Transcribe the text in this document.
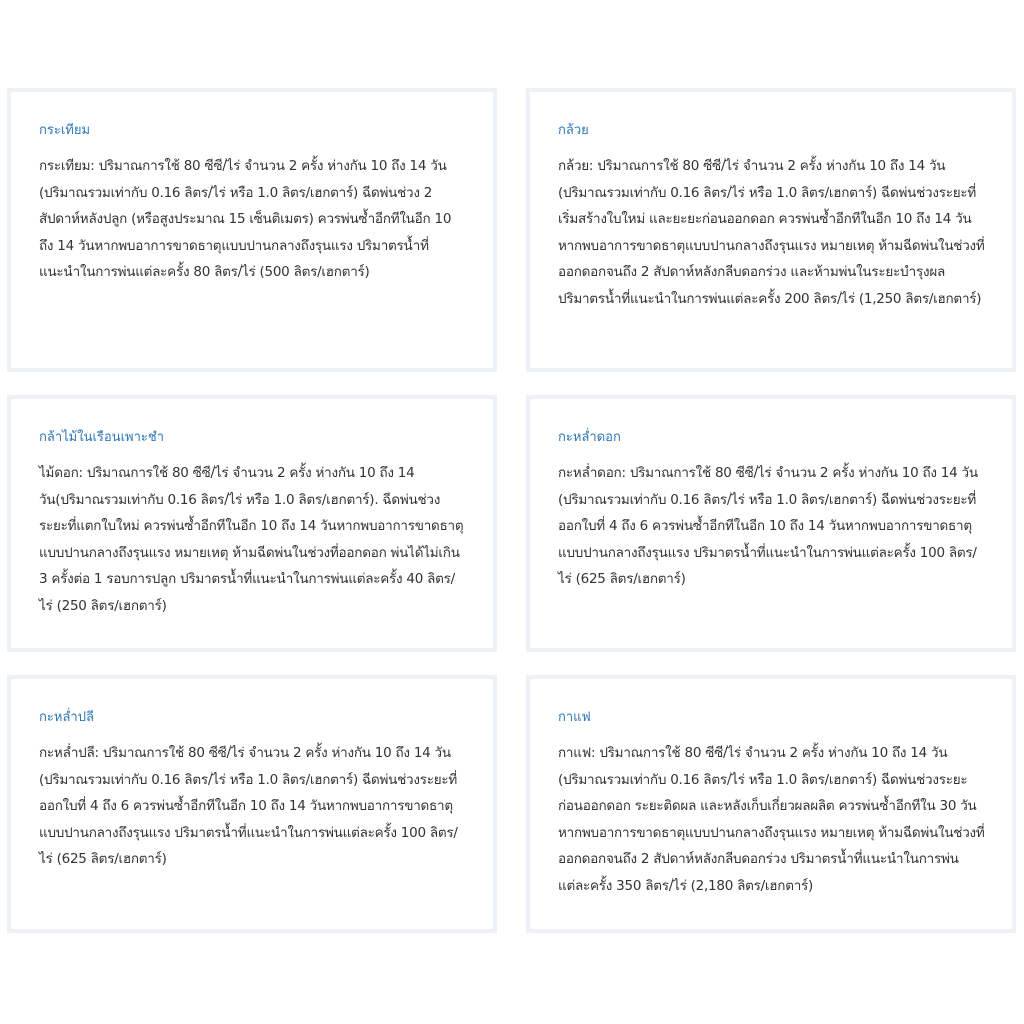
กระเทียม

กระเทียม: ปริมาณการใช้ 80 ซีซี/ไร่ จำนวน 2 ครั้ง ห่างกัน 10 ถึง 14 วัน (ปริมาณรวมเท่ากับ 0.16 ลิตร/ไร่ หรือ 1.0 ลิตร/เฮกตาร์) ฉีดพ่นช่วง 2 สัปดาห์หลังปลูก (หรือสูงประมาณ 15 เซ็นติเมตร) ควรพ่นซ้ำอีกทีในอีก 10 ถึง 14 วันหากพบอาการขาดธาตุแบบปานกลางถึงรุนแรง ปริมาตรน้ำที่แนะนำในการพ่นแต่ละครั้ง 80 ลิตร/ไร่ (500 ลิตร/เฮกตาร์)

กล้วย

กล้วย: ปริมาณการใช้ 80 ซีซี/ไร่ จำนวน 2 ครั้ง ห่างกัน 10 ถึง 14 วัน (ปริมาณรวมเท่ากับ 0.16 ลิตร/ไร่ หรือ 1.0 ลิตร/เฮกตาร์) ฉีดพ่นช่วงระยะที่เริ่มสร้างใบใหม่ และยะยะก่อนออกดอก ควรพ่นซ้ำอีกทีในอีก 10 ถึง 14 วันหากพบอาการขาดธาตุแบบปานกลางถึงรุนแรง หมายเหตุ ห้ามฉีดพ่นในช่วงที่ออกดอกจนถึง 2 สัปดาห์หลังกลีบดอกร่วง และห้ามพ่นในระยะบำรุงผล ปริมาตรน้ำที่แนะนำในการพ่นแต่ละครั้ง 200 ลิตร/ไร่ (1,250 ลิตร/เฮกตาร์)

กล้าไม้ในเรือนเพาะชำ

ไม้ดอก: ปริมาณการใช้ 80 ซีซี/ไร่ จำนวน 2 ครั้ง ห่างกัน 10 ถึง 14 วัน(ปริมาณรวมเท่ากับ 0.16 ลิตร/ไร่ หรือ 1.0 ลิตร/เฮกตาร์). ฉีดพ่นช่วงระยะที่แตกใบใหม่ ควรพ่นซ้ำอีกทีในอีก 10 ถึง 14 วันหากพบอาการขาดธาตุแบบปานกลางถึงรุนแรง หมายเหตุ ห้ามฉีดพ่นในช่วงที่ออกดอก พ่นได้ไม่เกิน 3 ครั้งต่อ 1 รอบการปลูก ปริมาตรน้ำที่แนะนำในการพ่นแต่ละครั้ง 40 ลิตร/ไร่ (250 ลิตร/เฮกตาร์)

กะหล่ำดอก

กะหล่ำดอก: ปริมาณการใช้ 80 ซีซี/ไร่ จำนวน 2 ครั้ง ห่างกัน 10 ถึง 14 วัน (ปริมาณรวมเท่ากับ 0.16 ลิตร/ไร่ หรือ 1.0 ลิตร/เฮกตาร์) ฉีดพ่นช่วงระยะที่ออกใบที่ 4 ถึง 6 ควรพ่นซ้ำอีกทีในอีก 10 ถึง 14 วันหากพบอาการขาดธาตุแบบปานกลางถึงรุนแรง ปริมาตรน้ำที่แนะนำในการพ่นแต่ละครั้ง 100 ลิตร/ไร่ (625 ลิตร/เฮกตาร์)

กะหล่ำปลี

กะหล่ำปลี: ปริมาณการใช้ 80 ซีซี/ไร่ จำนวน 2 ครั้ง ห่างกัน 10 ถึง 14 วัน (ปริมาณรวมเท่ากับ 0.16 ลิตร/ไร่ หรือ 1.0 ลิตร/เฮกตาร์) ฉีดพ่นช่วงระยะที่ออกใบที่ 4 ถึง 6 ควรพ่นซ้ำอีกทีในอีก 10 ถึง 14 วันหากพบอาการขาดธาตุแบบปานกลางถึงรุนแรง ปริมาตรน้ำที่แนะนำในการพ่นแต่ละครั้ง 100 ลิตร/ไร่ (625 ลิตร/เฮกตาร์)

กาแฟ

กาแฟ: ปริมาณการใช้ 80 ซีซี/ไร่ จำนวน 2 ครั้ง ห่างกัน 10 ถึง 14 วัน (ปริมาณรวมเท่ากับ 0.16 ลิตร/ไร่ หรือ 1.0 ลิตร/เฮกตาร์) ฉีดพ่นช่วงระยะก่อนออกดอก ระยะติดผล และหลังเก็บเกี่ยวผลผลิต ควรพ่นซ้ำอีกทีใน 30 วันหากพบอาการขาดธาตุแบบปานกลางถึงรุนแรง หมายเหตุ ห้ามฉีดพ่นในช่วงที่ออกดอกจนถึง 2 สัปดาห์หลังกลีบดอกร่วง ปริมาตรน้ำที่แนะนำในการพ่นแต่ละครั้ง 350 ลิตร/ไร่ (2,180 ลิตร/เฮกตาร์)
